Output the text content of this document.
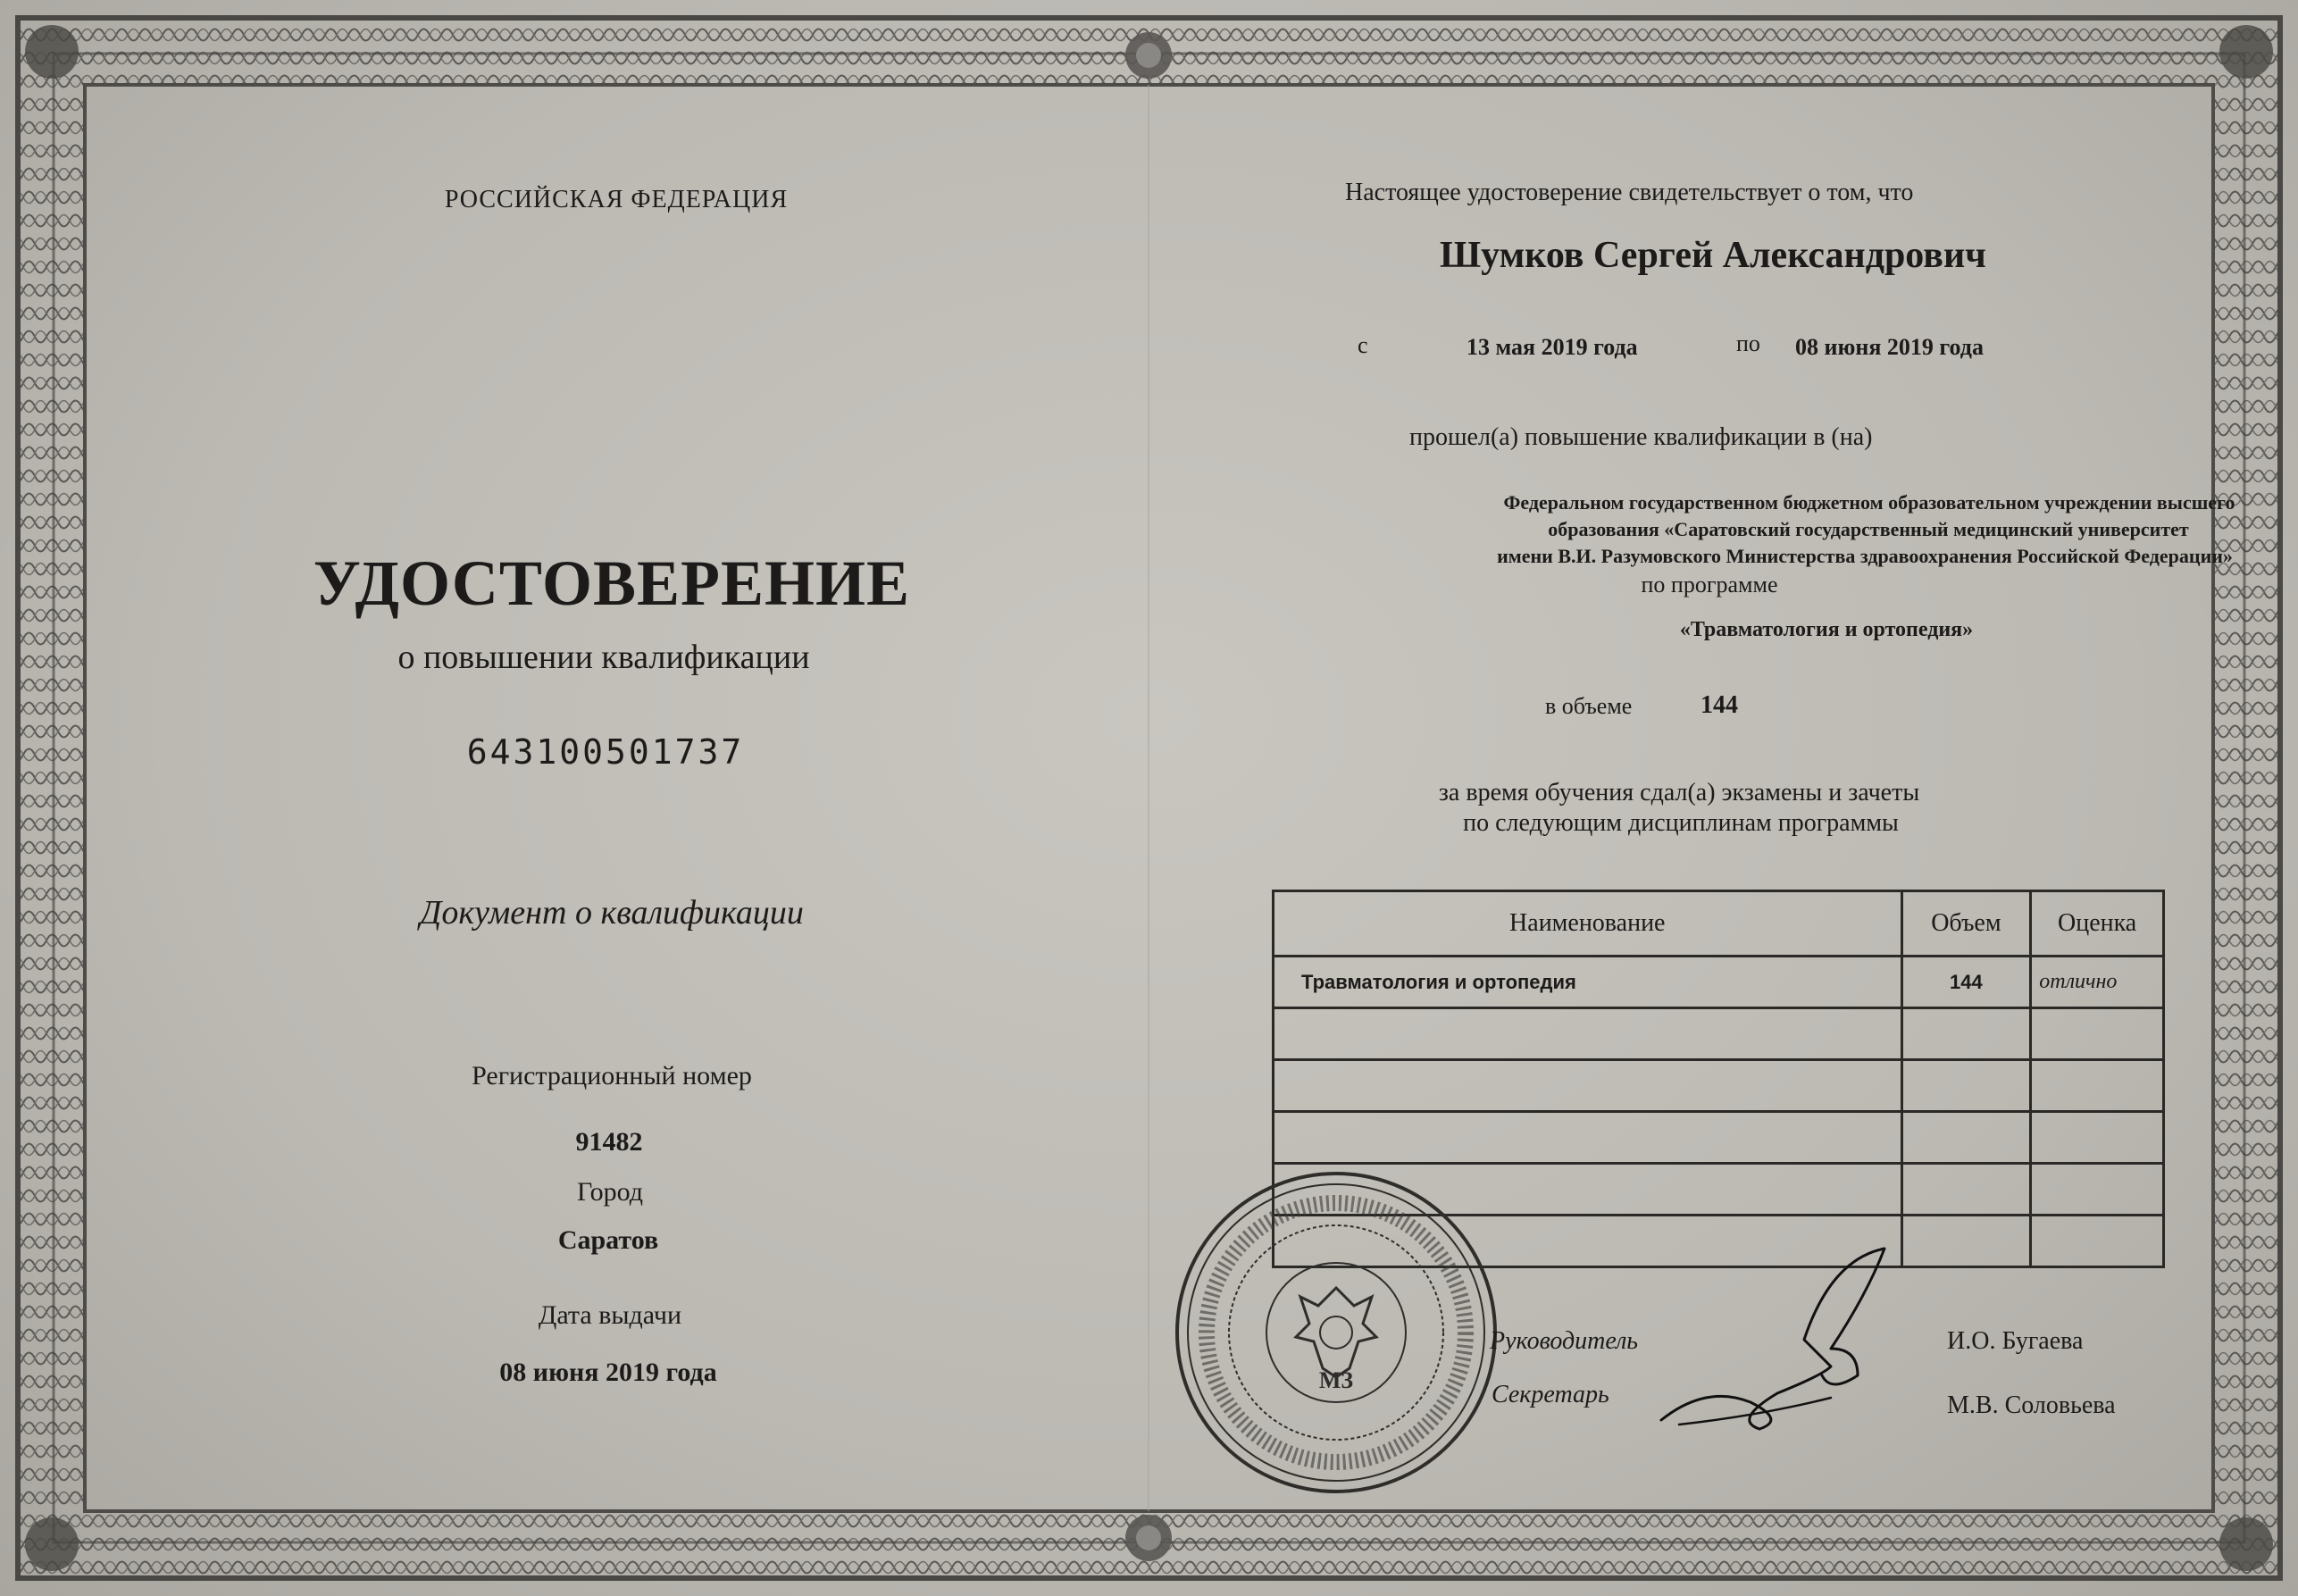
РОССИЙСКАЯ ФЕДЕРАЦИЯ
УДОСТОВЕРЕНИЕ
о повышении квалификации
643100501737
Документ о квалификации
Регистрационный номер
91482
Город
Саратов
Дата выдачи
08 июня 2019 года
Настоящее удостоверение свидетельствует о том, что
Шумков Сергей Александрович
с	13 мая 2019 года	по 08 июня 2019 года
прошел(а) повышение квалификации в (на)
Федеральном государственном бюджетном образовательном учреждении высшего
образования «Саратовский государственный медицинский университет
имени В.И. Разумовского Министерства здравоохранения Российской Федерации»
по программе
«Травматология и ортопедия»
в объеме	144
за время обучения сдал(а) экзамены и зачеты
по следующим дисциплинам программы
Наименование	Объем	Оценка
Травматология и ортопедия	144	отлично

МЗ
Руководитель	И.О. Бугаева
Секретарь	М.В. Соловьева
